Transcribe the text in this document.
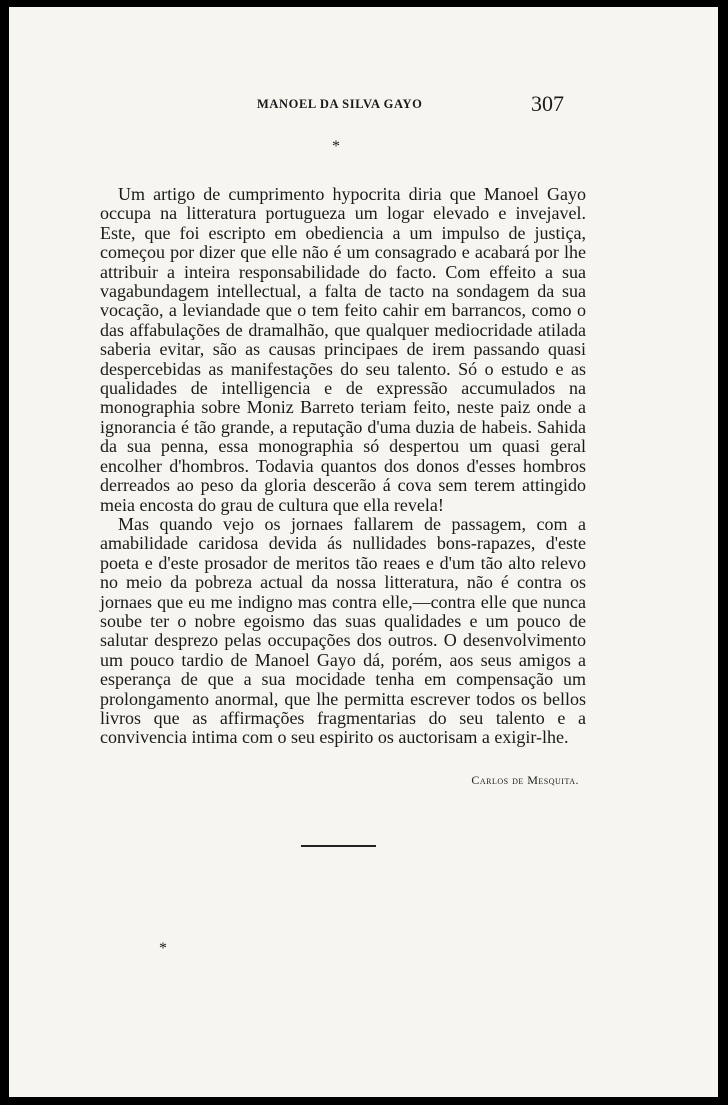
MANOEL DA SILVA GAYO	307
*

Um artigo de cumprimento hypocrita diria que Manoel Gayo occupa na litteratura portugueza um logar elevado e invejavel. Este, que foi escripto em obediencia a um impulso de justiça, começou por dizer que elle não é um consagrado e acabará por lhe attribuir a inteira responsabilidade do facto. Com effeito a sua vagabundagem intellectual, a falta de tacto na sondagem da sua vocação, a leviandade que o tem feito cahir em barrancos, como o das affabulações de dramalhão, que qualquer mediocridade atilada saberia evitar, são as causas principaes de irem passando quasi despercebidas as manifestações do seu talento. Só o estudo e as qualidades de intelligencia e de expressão accumulados na monographia sobre Moniz Barreto teriam feito, neste paiz onde a ignorancia é tão grande, a reputação d'uma duzia de habeis. Sahida da sua penna, essa monographia só despertou um quasi geral encolher d'hombros. Todavia quantos dos donos d'esses hombros derreados ao peso da gloria descerão á cova sem terem attingido meia encosta do grau de cultura que ella revela!

Mas quando vejo os jornaes fallarem de passagem, com a amabilidade caridosa devida ás nullidades bons-rapazes, d'este poeta e d'este prosador de meritos tão reaes e d'um tão alto relevo no meio da pobreza actual da nossa litteratura, não é contra os jornaes que eu me indigno mas contra elle,—contra elle que nunca soube ter o nobre egoismo das suas qualidades e um pouco de salutar desprezo pelas occupações dos outros. O desenvolvimento um pouco tardio de Manoel Gayo dá, porém, aos seus amigos a esperança de que a sua mocidade tenha em compensação um prolongamento anormal, que lhe permitta escrever todos os bellos livros que as affirmações fragmentarias do seu talento e a convivencia intima com o seu espirito os auctorisam a exigir-lhe.

Carlos de Mesquita.
*
